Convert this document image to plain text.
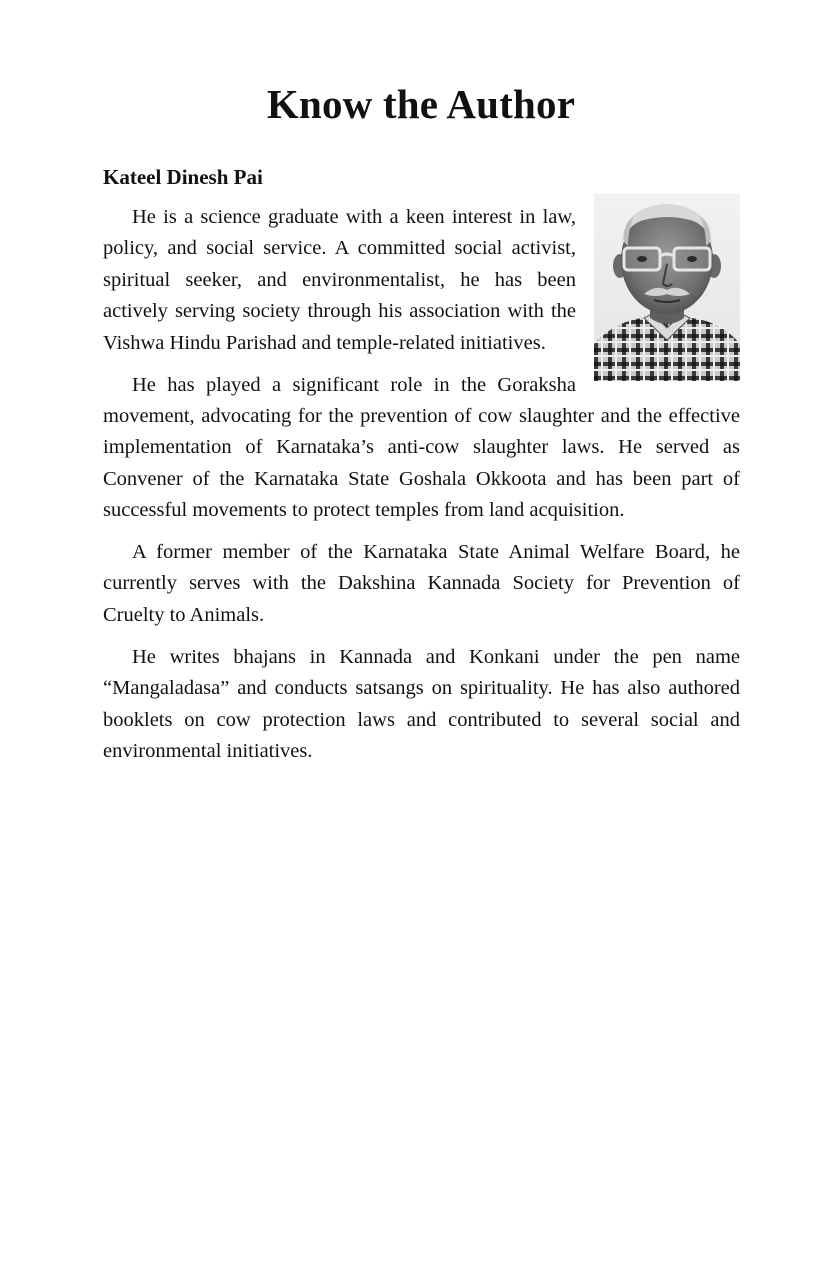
Know the Author
Kateel Dinesh Pai

He is a science graduate with a keen interest in law, policy, and social service. A committed social activist, spiritual seeker, and environmentalist, he has been actively serving society through his association with the Vishwa Hindu Parishad and temple-related initiatives.

He has played a significant role in the Goraksha movement, advocating for the prevention of cow slaughter and the effective implementation of Karnataka’s anti-cow slaughter laws. He served as Convener of the Karnataka State Goshala Okkoota and has been part of successful movements to protect temples from land acquisition.

A former member of the Karnataka State Animal Welfare Board, he currently serves with the Dakshina Kannada Society for Prevention of Cruelty to Animals.

He writes bhajans in Kannada and Konkani under the pen name “Mangaladasa” and conducts satsangs on spirituality. He has also authored booklets on cow protection laws and contributed to several social and environmental initiatives.
